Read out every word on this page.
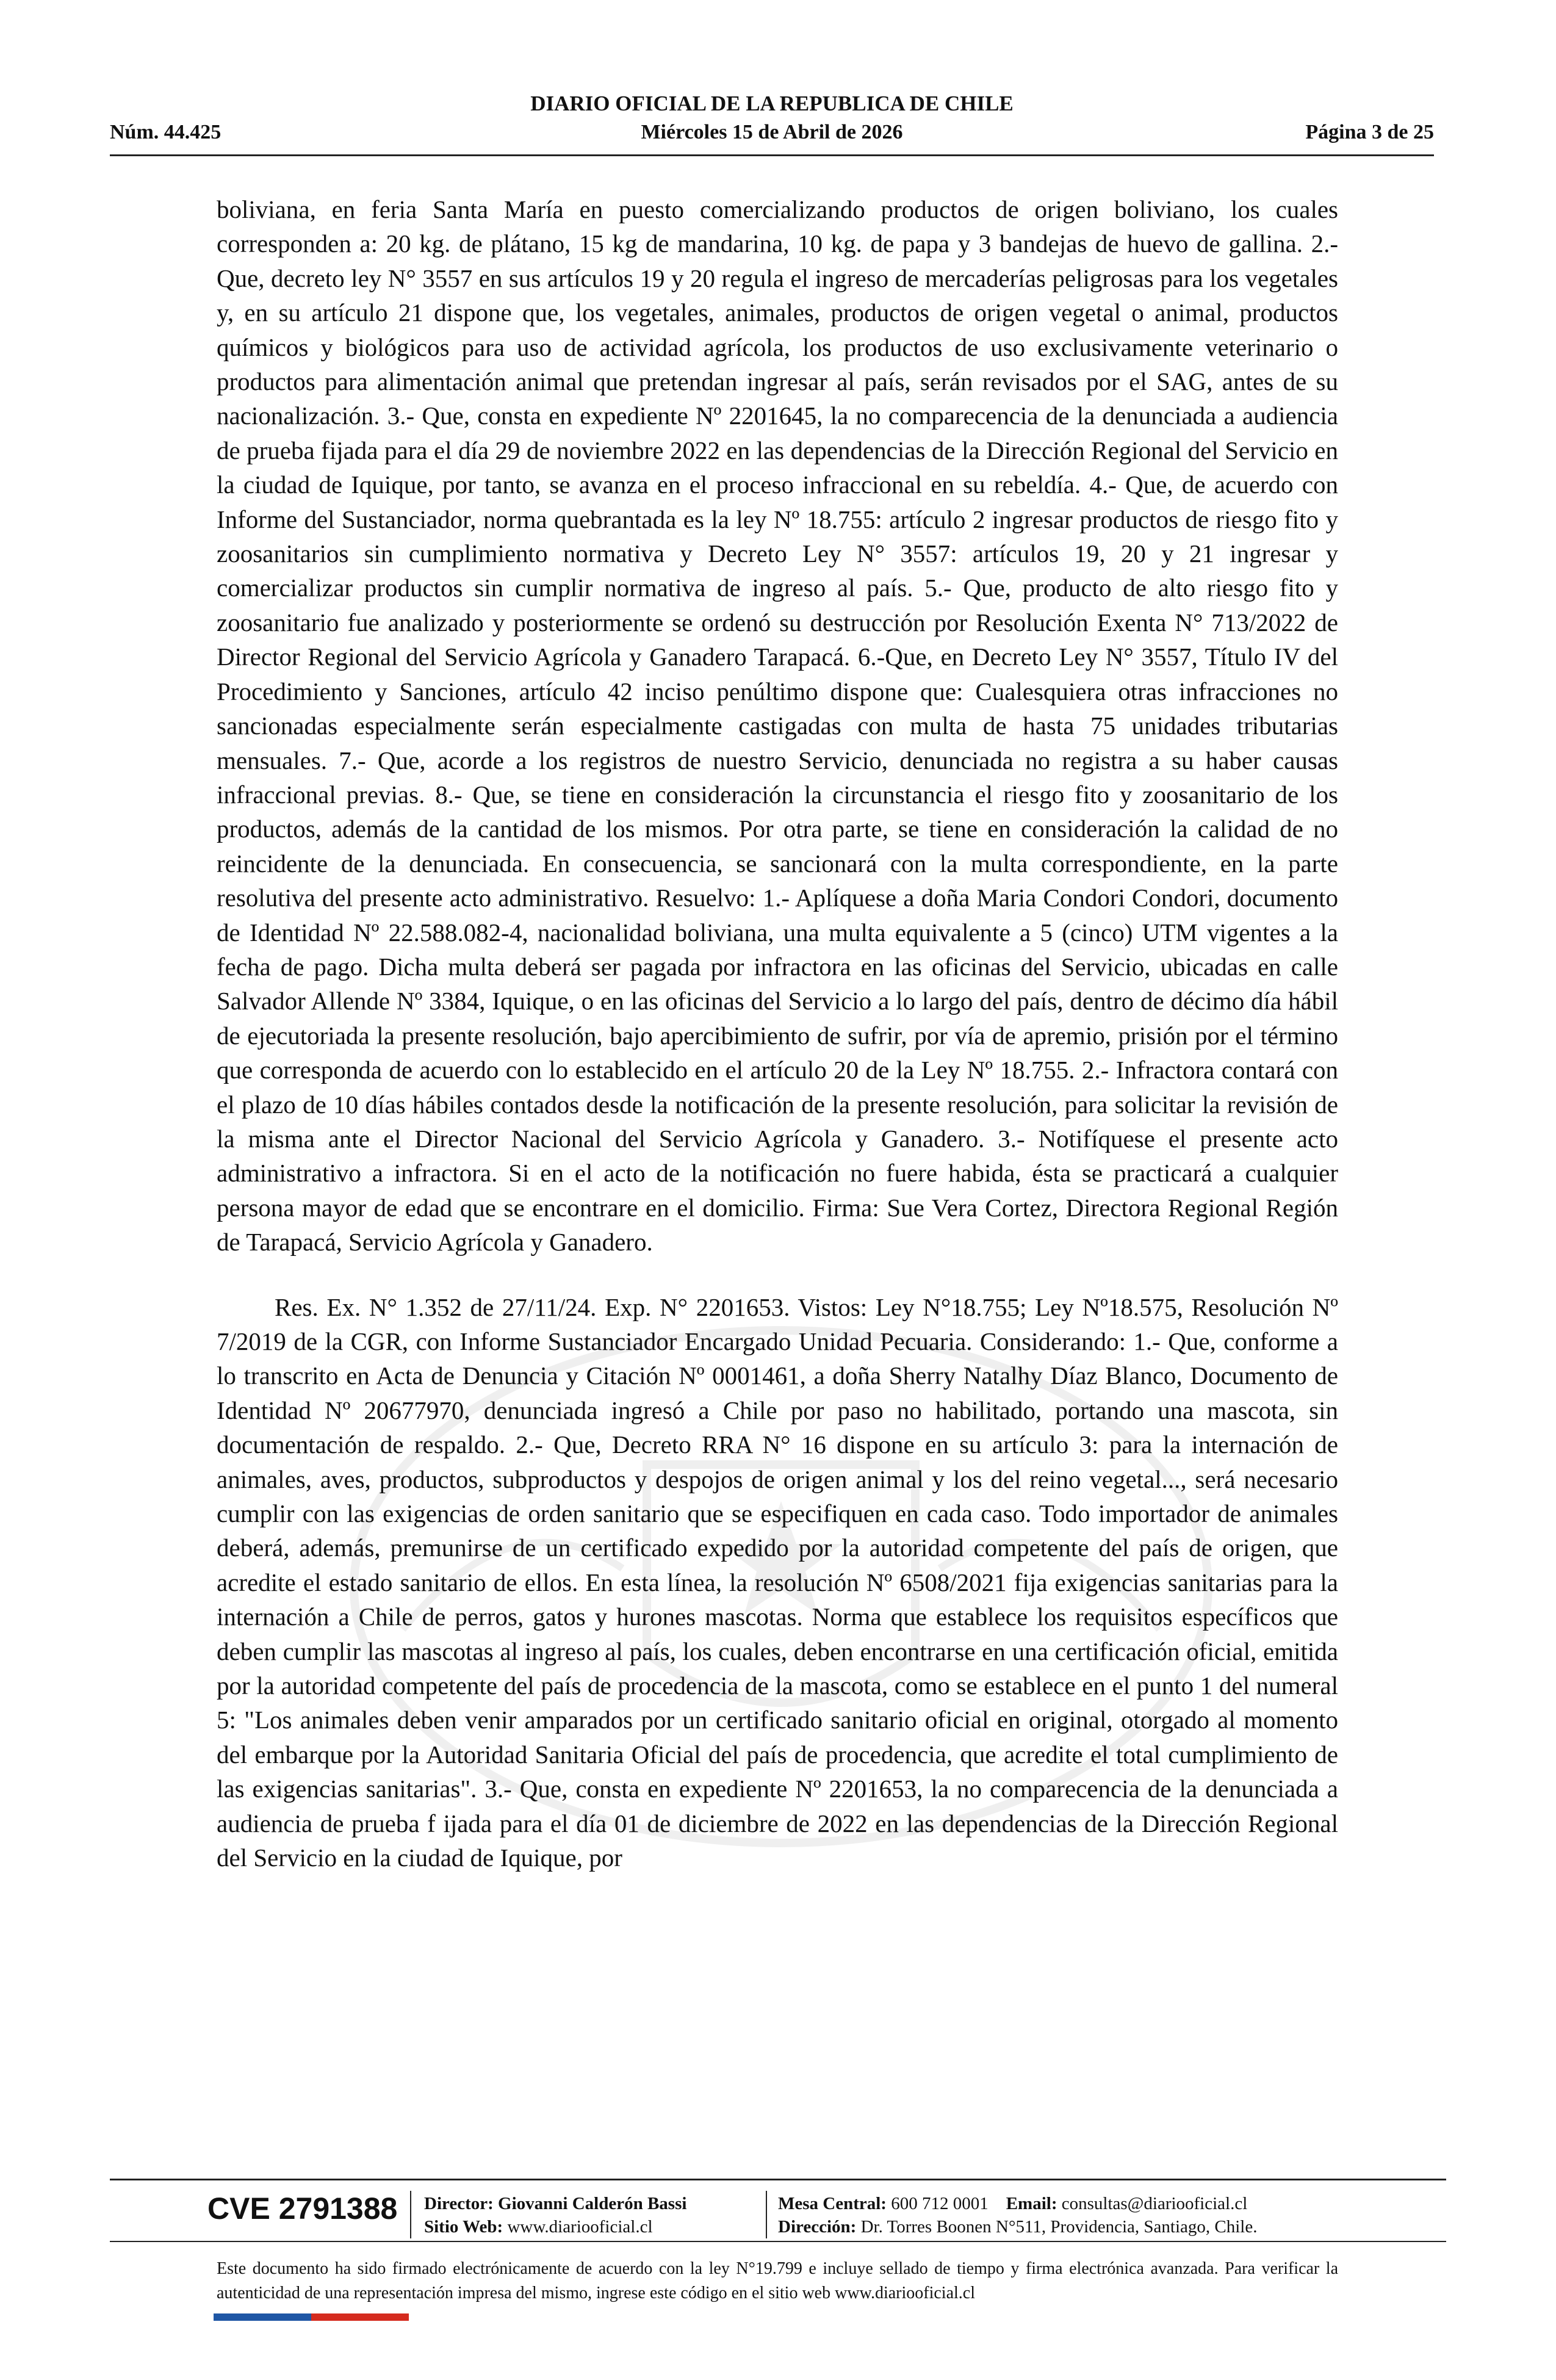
DIARIO OFICIAL DE LA REPUBLICA DE CHILE
Núm. 44.425	Miércoles 15 de Abril de 2026	Página 3 de 25

boliviana, en feria Santa María en puesto comercializando productos de origen boliviano, los cuales corresponden a: 20 kg. de plátano, 15 kg de mandarina, 10 kg. de papa y 3 bandejas de huevo de gallina. 2.- Que, decreto ley N° 3557 en sus artículos 19 y 20 regula el ingreso de mercaderías peligrosas para los vegetales y, en su artículo 21 dispone que, los vegetales, animales, productos de origen vegetal o animal, productos químicos y biológicos para uso de actividad agrícola, los productos de uso exclusivamente veterinario o productos para alimentación animal que pretendan ingresar al país, serán revisados por el SAG, antes de su nacionalización. 3.- Que, consta en expediente Nº 2201645, la no comparecencia de la denunciada a audiencia de prueba fijada para el día 29 de noviembre 2022 en las dependencias de la Dirección Regional del Servicio en la ciudad de Iquique, por tanto, se avanza en el proceso infraccional en su rebeldía. 4.- Que, de acuerdo con Informe del Sustanciador, norma quebrantada es la ley Nº 18.755: artículo 2 ingresar productos de riesgo fito y zoosanitarios sin cumplimiento normativa y Decreto Ley N° 3557: artículos 19, 20 y 21 ingresar y comercializar productos sin cumplir normativa de ingreso al país. 5.- Que, producto de alto riesgo fito y zoosanitario fue analizado y posteriormente se ordenó su destrucción por Resolución Exenta N° 713/2022 de Director Regional del Servicio Agrícola y Ganadero Tarapacá. 6.-Que, en Decreto Ley N° 3557, Título IV del Procedimiento y Sanciones, artículo 42 inciso penúltimo dispone que: Cualesquiera otras infracciones no sancionadas especialmente serán especialmente castigadas con multa de hasta 75 unidades tributarias mensuales. 7.- Que, acorde a los registros de nuestro Servicio, denunciada no registra a su haber causas infraccional previas. 8.- Que, se tiene en consideración la circunstancia el riesgo fito y zoosanitario de los productos, además de la cantidad de los mismos. Por otra parte, se tiene en consideración la calidad de no reincidente de la denunciada. En consecuencia, se sancionará con la multa correspondiente, en la parte resolutiva del presente acto administrativo. Resuelvo: 1.- Aplíquese a doña Maria Condori Condori, documento de Identidad Nº 22.588.082-4, nacionalidad boliviana, una multa equivalente a 5 (cinco) UTM vigentes a la fecha de pago. Dicha multa deberá ser pagada por infractora en las oficinas del Servicio, ubicadas en calle Salvador Allende Nº 3384, Iquique, o en las oficinas del Servicio a lo largo del país, dentro de décimo día hábil de ejecutoriada la presente resolución, bajo apercibimiento de sufrir, por vía de apremio, prisión por el término que corresponda de acuerdo con lo establecido en el artículo 20 de la Ley Nº 18.755. 2.- Infractora contará con el plazo de 10 días hábiles contados desde la notificación de la presente resolución, para solicitar la revisión de la misma ante el Director Nacional del Servicio Agrícola y Ganadero. 3.- Notifíquese el presente acto administrativo a infractora. Si en el acto de la notificación no fuere habida, ésta se practicará a cualquier persona mayor de edad que se encontrare en el domicilio. Firma: Sue Vera Cortez, Directora Regional Región de Tarapacá, Servicio Agrícola y Ganadero.

Res. Ex. N° 1.352 de 27/11/24. Exp. N° 2201653. Vistos: Ley N°18.755; Ley Nº18.575, Resolución Nº 7/2019 de la CGR, con Informe Sustanciador Encargado Unidad Pecuaria. Considerando: 1.- Que, conforme a lo transcrito en Acta de Denuncia y Citación Nº 0001461, a doña Sherry Natalhy Díaz Blanco, Documento de Identidad Nº 20677970, denunciada ingresó a Chile por paso no habilitado, portando una mascota, sin documentación de respaldo. 2.- Que, Decreto RRA N° 16 dispone en su artículo 3: para la internación de animales, aves, productos, subproductos y despojos de origen animal y los del reino vegetal..., será necesario cumplir con las exigencias de orden sanitario que se especifiquen en cada caso. Todo importador de animales deberá, además, premunirse de un certificado expedido por la autoridad competente del país de origen, que acredite el estado sanitario de ellos. En esta línea, la resolución Nº 6508/2021 fija exigencias sanitarias para la internación a Chile de perros, gatos y hurones mascotas. Norma que establece los requisitos específicos que deben cumplir las mascotas al ingreso al país, los cuales, deben encontrarse en una certificación oficial, emitida por la autoridad competente del país de procedencia de la mascota, como se establece en el punto 1 del numeral 5: "Los animales deben venir amparados por un certificado sanitario oficial en original, otorgado al momento del embarque por la Autoridad Sanitaria Oficial del país de procedencia, que acredite el total cumplimiento de las exigencias sanitarias". 3.- Que, consta en expediente Nº 2201653, la no comparecencia de la denunciada a audiencia de prueba f ijada para el día 01 de diciembre de 2022 en las dependencias de la Dirección Regional del Servicio en la ciudad de Iquique, por

CVE 2791388 Director: Giovanni Calderón Bassi
Sitio Web: www.diariooficial.cl
Mesa Central: 600 712 0001 Email: consultas@diariooficial.cl
Dirección: Dr. Torres Boonen N°511, Providencia, Santiago, Chile.
Este documento ha sido firmado electrónicamente de acuerdo con la ley N°19.799 e incluye sellado de tiempo y firma electrónica avanzada. Para verificar la autenticidad de una representación impresa del mismo, ingrese este código en el sitio web www.diariooficial.cl
